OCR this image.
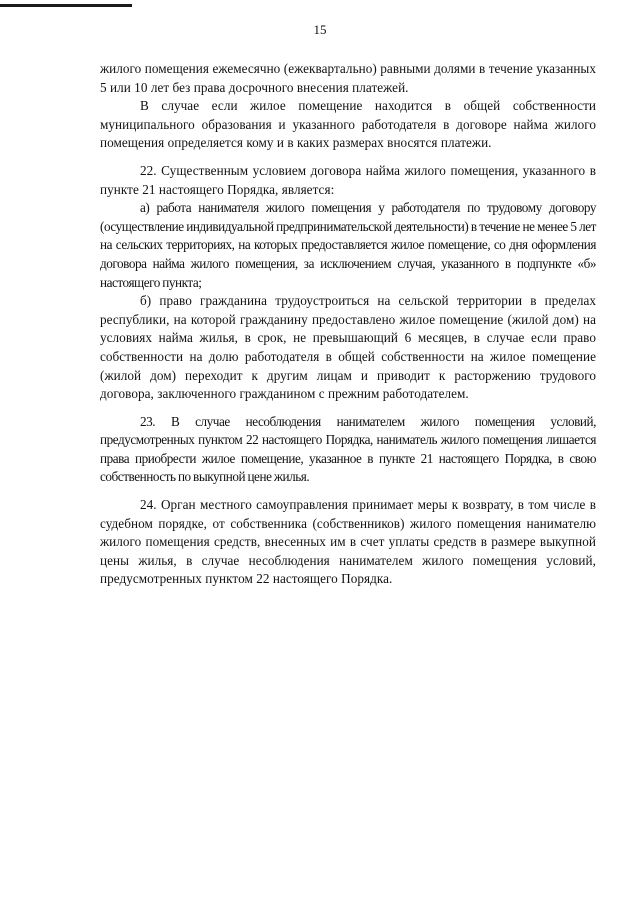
15

жилого помещения ежемесячно (ежеквартально) равными долями в течение указанных 5 или 10 лет без права досрочного внесения платежей.

В случае если жилое помещение находится в общей собственности муниципального образования и указанного работодателя в договоре найма жилого помещения определяется кому и в каких размерах вносятся платежи.

22. Существенным условием договора найма жилого помещения, указанного в пункте 21 настоящего Порядка, является:

а) работа нанимателя жилого помещения у работодателя по трудовому договору (осуществление индивидуальной предпринимательской деятельности) в течение не менее 5 лет на сельских территориях, на которых предоставляется жилое помещение, со дня оформления договора найма жилого помещения, за исключением случая, указанного в подпункте «б» настоящего пункта;

б) право гражданина трудоустроиться на сельской территории в пределах республики, на которой гражданину предоставлено жилое помещение (жилой дом) на условиях найма жилья, в срок, не превышающий 6 месяцев, в случае если право собственности на долю работодателя в общей собственности на жилое помещение (жилой дом) переходит к другим лицам и приводит к расторжению трудового договора, заключенного гражданином с прежним работодателем.

23. В случае несоблюдения нанимателем жилого помещения условий, предусмотренных пунктом 22 настоящего Порядка, наниматель жилого помещения лишается права приобрести жилое помещение, указанное в пункте 21 настоящего Порядка, в свою собственность по выкупной цене жилья.

24. Орган местного самоуправления принимает меры к возврату, в том числе в судебном порядке, от собственника (собственников) жилого помещения нанимателю жилого помещения средств, внесенных им в счет уплаты средств в размере выкупной цены жилья, в случае несоблюдения нанимателем жилого помещения условий, предусмотренных пунктом 22 настоящего Порядка.
